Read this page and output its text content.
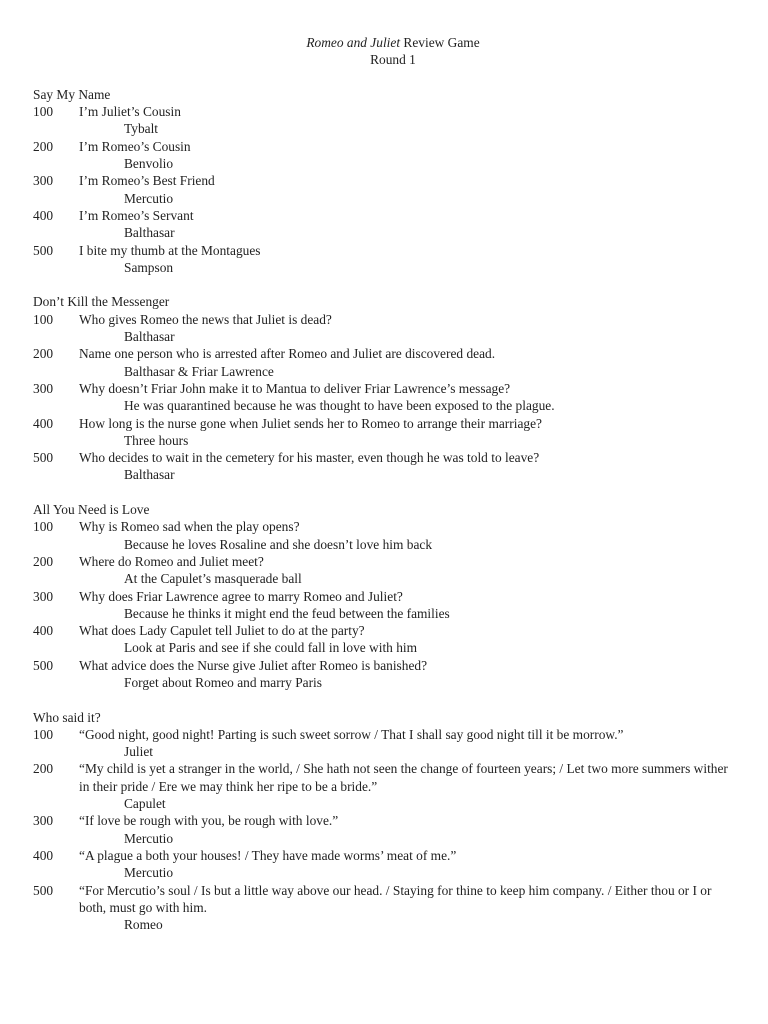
Romeo and Juliet Review Game
Round 1
Say My Name
100	I’m Juliet’s Cousin
Tybalt
200	I’m Romeo’s Cousin
Benvolio
300	I’m Romeo’s Best Friend
Mercutio
400	I’m Romeo’s Servant
Balthasar
500	I bite my thumb at the Montagues
Sampson
Don’t Kill the Messenger
100	Who gives Romeo the news that Juliet is dead?
Balthasar
200	Name one person who is arrested after Romeo and Juliet are discovered dead.
Balthasar & Friar Lawrence
300	Why doesn’t Friar John make it to Mantua to deliver Friar Lawrence’s message?
He was quarantined because he was thought to have been exposed to the plague.
400	How long is the nurse gone when Juliet sends her to Romeo to arrange their marriage?
Three hours
500	Who decides to wait in the cemetery for his master, even though he was told to leave?
Balthasar
All You Need is Love
100	Why is Romeo sad when the play opens?
Because he loves Rosaline and she doesn’t love him back
200	Where do Romeo and Juliet meet?
At the Capulet’s masquerade ball
300	Why does Friar Lawrence agree to marry Romeo and Juliet?
Because he thinks it might end the feud between the families
400	What does Lady Capulet tell Juliet to do at the party?
Look at Paris and see if she could fall in love with him
500	What advice does the Nurse give Juliet after Romeo is banished?
Forget about Romeo and marry Paris
Who said it?
100	“Good night, good night! Parting is such sweet sorrow / That I shall say good night till it be morrow.”
Juliet
200	“My child is yet a stranger in the world, / She hath not seen the change of fourteen years; / Let two more summers wither in their pride / Ere we may think her ripe to be a bride.”
Capulet
300	“If love be rough with you, be rough with love.”
Mercutio
400	“A plague a both your houses! / They have made worms’ meat of me.”
Mercutio
500	“For Mercutio’s soul / Is but a little way above our head. / Staying for thine to keep him company. / Either thou or I or both, must go with him.
Romeo
